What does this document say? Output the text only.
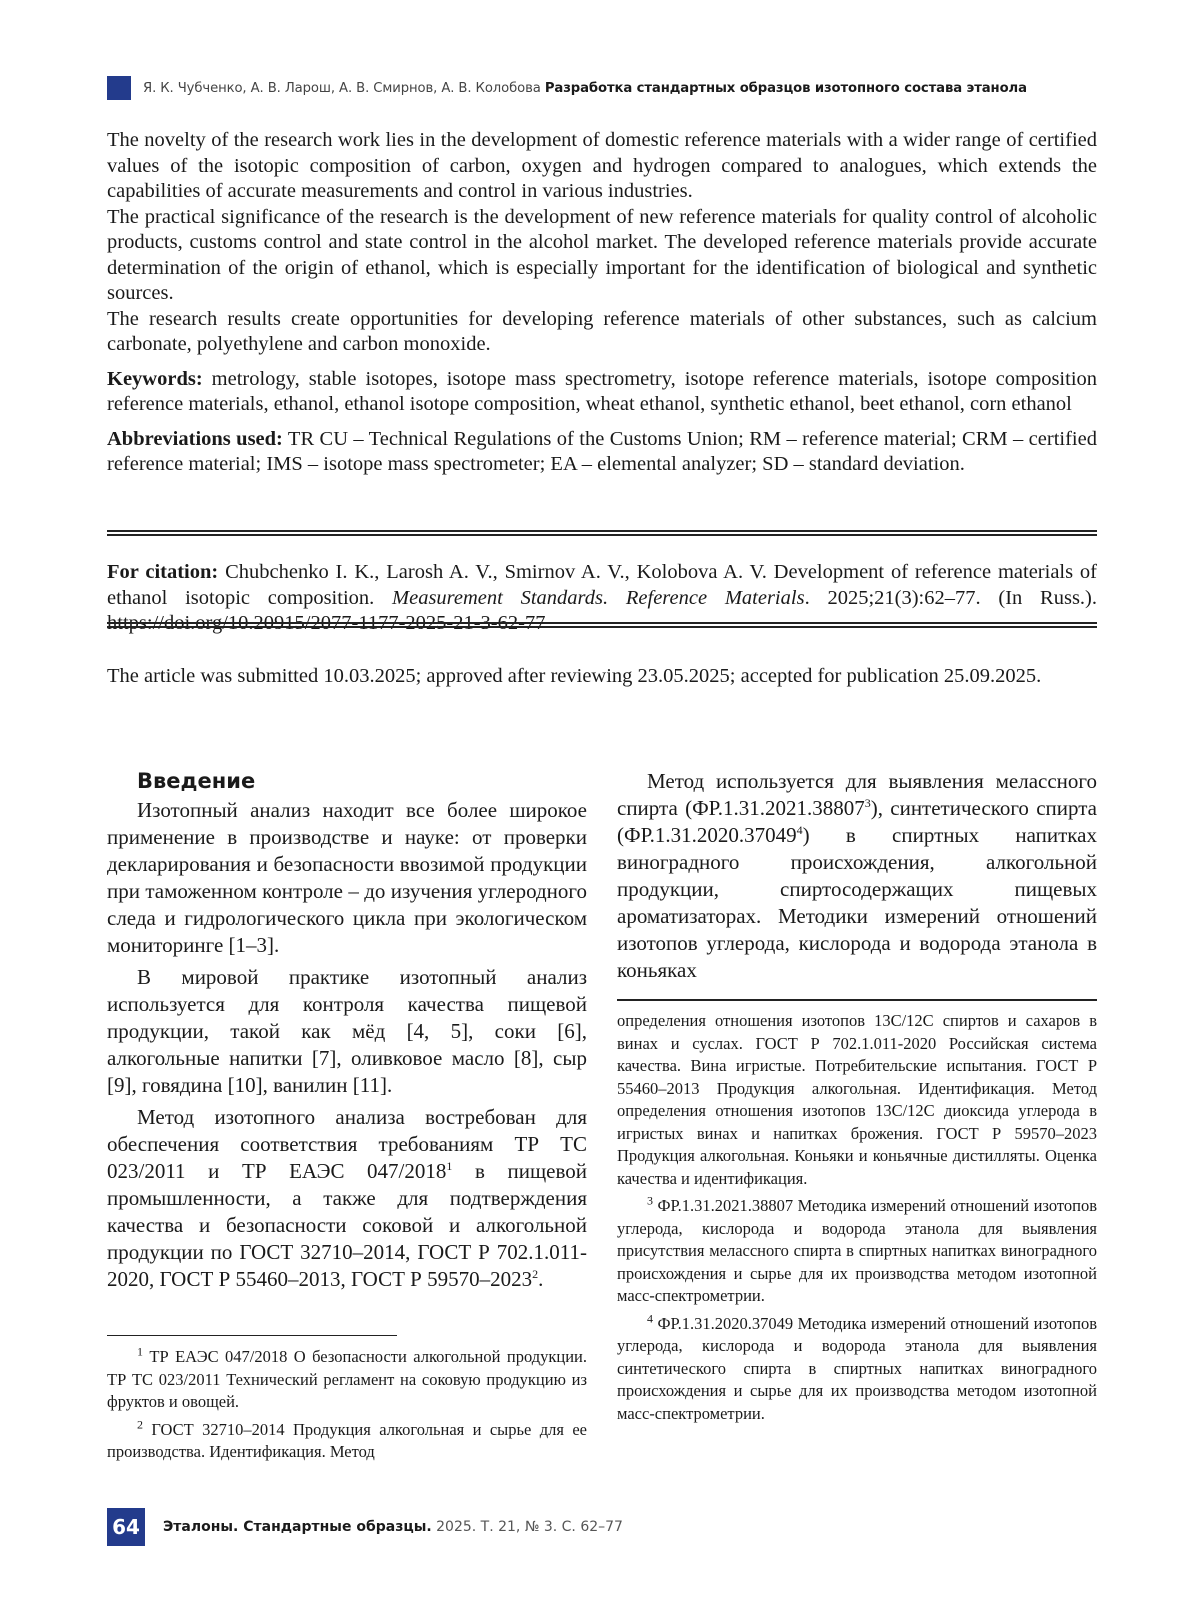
Я. К. Чубченко, А. В. Ларош, А. В. Смирнов, А. В. Колобова Разработка стандартных образцов изотопного состава этанола

The novelty of the research work lies in the development of domestic reference materials with a wider range of certified values of the isotopic composition of carbon, oxygen and hydrogen compared to analogues, which extends the capabilities of accurate measurements and control in various industries.

The practical significance of the research is the development of new reference materials for quality control of alcoholic products, customs control and state control in the alcohol market. The developed reference materials provide accurate determination of the origin of ethanol, which is especially important for the identification of biological and synthetic sources.

The research results create opportunities for developing reference materials of other substances, such as calcium carbonate, polyethylene and carbon monoxide.

Keywords: metrology, stable isotopes, isotope mass spectrometry, isotope reference materials, isotope composition reference materials, ethanol, ethanol isotope composition, wheat ethanol, synthetic ethanol, beet ethanol, corn ethanol

Abbreviations used: TR CU – Technical Regulations of the Customs Union; RM – reference material; CRM – certified reference material; IMS – isotope mass spectrometer; EA – elemental analyzer; SD – standard deviation.

For citation: Chubchenko I. K., Larosh A. V., Smirnov A. V., Kolobova A. V. Development of reference materials of ethanol isotopic composition. Measurement Standards. Reference Materials. 2025;21(3):62–77. (In Russ.). https://doi.org/10.20915/2077-1177-2025-21-3-62-77
The article was submitted 10.03.2025; approved after reviewing 23.05.2025; accepted for publication 25.09.2025.
Введение

Изотопный анализ находит все более широкое применение в производстве и науке: от проверки декларирования и безопасности ввозимой продукции при таможенном контроле – до изучения углеродного следа и гидрологического цикла при экологическом мониторинге [1–3].

В мировой практике изотопный анализ используется для контроля качества пищевой продукции, такой как мёд [4, 5], соки [6], алкогольные напитки [7], оливковое масло [8], сыр [9], говядина [10], ванилин [11].

Метод изотопного анализа востребован для обеспечения соответствия требованиям ТР ТС 023/2011 и ТР ЕАЭС 047/2018$^1$ в пищевой промышленности, а также для подтверждения качества и безопасности соковой и алкогольной продукции по ГОСТ 32710–2014, ГОСТ Р 702.1.011-2020, ГОСТ Р 55460–2013, ГОСТ Р 59570–2023$^2$.

Метод используется для выявления мелассного спирта (ФР.1.31.2021.38807$^3$), синтетического спирта (ФР.1.31.2020.37049$^4$) в спиртных напитках виноградного происхождения, алкогольной продукции, спиртосодержащих пищевых ароматизаторах. Методики измерений отношений изотопов углерода, кислорода и водорода этанола в коньяках

$^1$ ТР ЕАЭС 047/2018 О безопасности алкогольной продукции. ТР ТС 023/2011 Технический регламент на соковую продукцию из фруктов и овощей.

$^2$ ГОСТ 32710–2014 Продукция алкогольная и сырье для ее производства. Идентификация. Метод

определения отношения изотопов 13C/12C спиртов и сахаров в винах и суслах. ГОСТ Р 702.1.011-2020 Российская система качества. Вина игристые. Потребительские испытания. ГОСТ Р 55460–2013 Продукция алкогольная. Идентификация. Метод определения отношения изотопов 13C/12C диоксида углерода в игристых винах и напитках брожения. ГОСТ Р 59570–2023 Продукция алкогольная. Коньяки и коньячные дистилляты. Оценка качества и идентификация.

$^3$ ФР.1.31.2021.38807 Методика измерений отношений изотопов углерода, кислорода и водорода этанола для выявления присутствия мелассного спирта в спиртных напитках виноградного происхождения и сырье для их производства методом изотопной масс-спектрометрии.

$^4$ ФР.1.31.2020.37049 Методика измерений отношений изотопов углерода, кислорода и водорода этанола для выявления синтетического спирта в спиртных напитках виноградного происхождения и сырье для их производства методом изотопной масс-спектрометрии.

64	Эталоны. Стандартные образцы. 2025. Т. 21, № 3. С. 62–77
